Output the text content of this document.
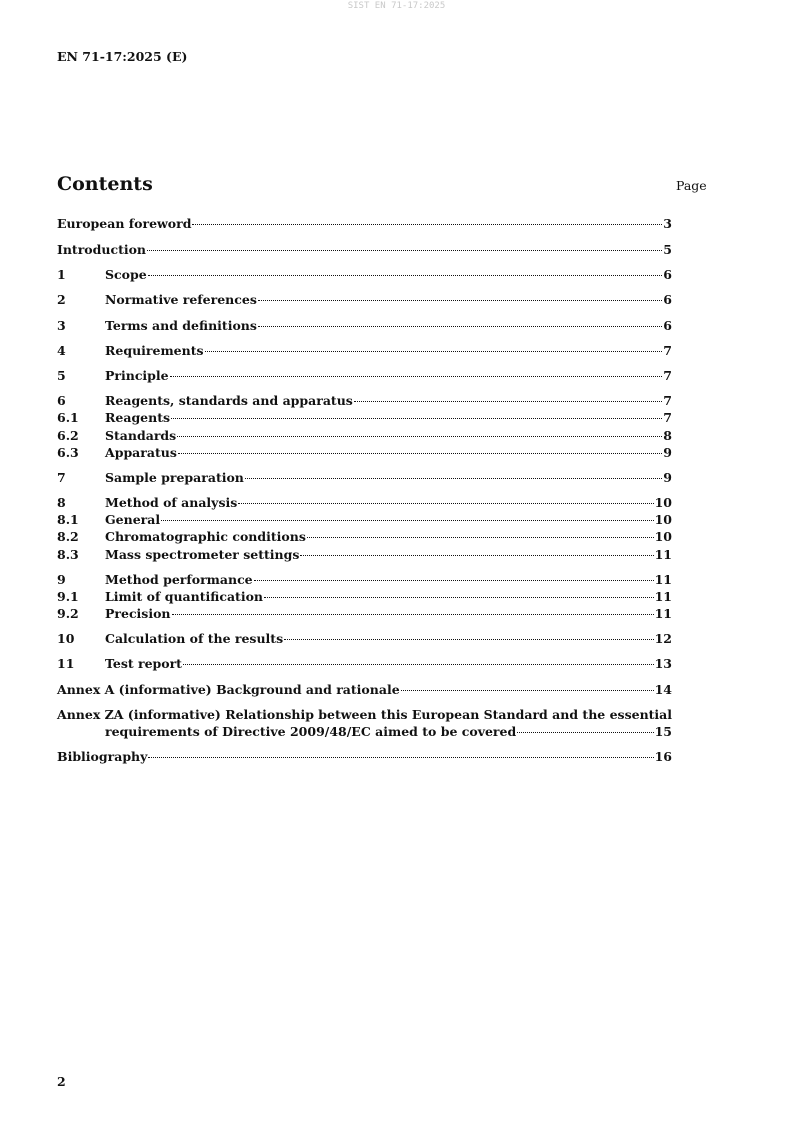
SIST EN 71-17:2025
EN 71-17:2025 (E)
Contents	Page
European foreword	3
Introduction	5
1	Scope	6
2	Normative references	6
3	Terms and definitions	6
4	Requirements	7
5	Principle	7
6	Reagents, standards and apparatus	7
6.1	Reagents	7
6.2	Standards	8
6.3	Apparatus	9
7	Sample preparation	9
8	Method of analysis	10
8.1	General	10
8.2	Chromatographic conditions	10
8.3	Mass spectrometer settings	11
9	Method performance	11
9.1	Limit of quantification	11
9.2	Precision	11
10	Calculation of the results	12
11	Test report	13
Annex A (informative) Background and rationale	14
Annex ZA (informative) Relationship between this European Standard and the essential
requirements of Directive 2009/48/EC aimed to be covered	15
Bibliography	16
2
